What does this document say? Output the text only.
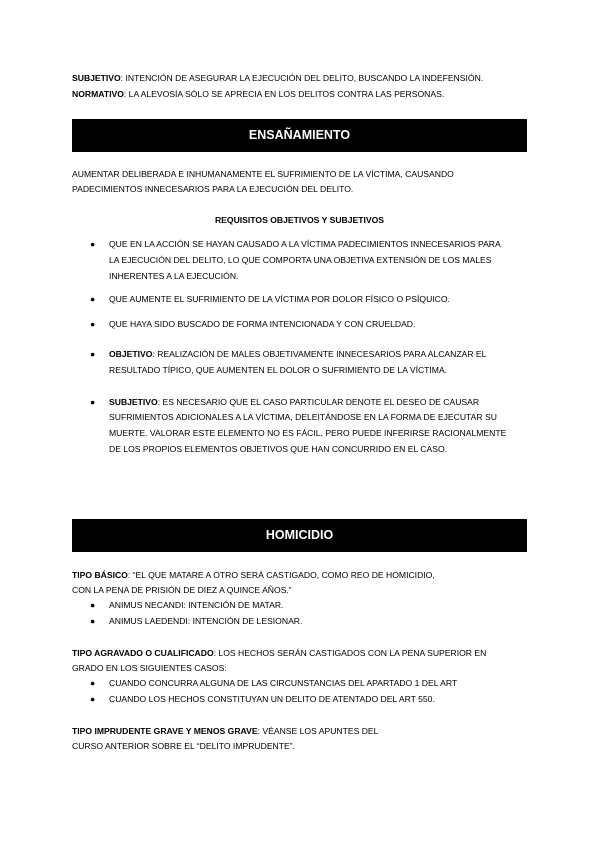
SUBJETIVO: INTENCIÓN DE ASEGURAR LA EJECUCIÓN DEL DELITO, BUSCANDO LA INDEFENSIÓN.
NORMATIVO: LA ALEVOSÍA SÓLO SE APRECIA EN LOS DELITOS CONTRA LAS PERSONAS.
ENSAÑAMIENTO
AUMENTAR DELIBERADA E INHUMANAMENTE EL SUFRIMIENTO DE LA VÍCTIMA, CAUSANDO
PADECIMIENTOS INNECESARIOS PARA LA EJECUCIÓN DEL DELITO.
REQUISITOS OBJETIVOS Y SUBJETIVOS
● QUE EN LA ACCIÓN SE HAYAN CAUSADO A LA VÍCTIMA PADECIMIENTOS INNECESARIOS PARA
LA EJECUCIÓN DEL DELITO, LO QUE COMPORTA UNA OBJETIVA EXTENSIÓN DE LOS MALES
INHERENTES A LA EJECUCIÓN.
● QUE AUMENTE EL SUFRIMIENTO DE LA VÍCTIMA POR DOLOR FÍSICO O PSÍQUICO.
● QUE HAYA SIDO BUSCADO DE FORMA INTENCIONADA Y CON CRUELDAD.
● OBJETIVO: REALIZACIÓN DE MALES OBJETIVAMENTE INNECESARIOS PARA ALCANZAR EL
RESULTADO TÍPICO, QUE AUMENTEN EL DOLOR O SUFRIMIENTO DE LA VÍCTIMA.
● SUBJETIVO: ES NECESARIO QUE EL CASO PARTICULAR DENOTE EL DESEO DE CAUSAR
SUFRIMIENTOS ADICIONALES A LA VÍCTIMA, DELEITÁNDOSE EN LA FORMA DE EJECUTAR SU
MUERTE. VALORAR ESTE ELEMENTO NO ES FÁCIL, PERO PUEDE INFERIRSE RACIONALMENTE
DE LOS PROPIOS ELEMENTOS OBJETIVOS QUE HAN CONCURRIDO EN EL CASO.
HOMICIDIO
TIPO BÁSICO: “EL QUE MATARE A OTRO SERÁ CASTIGADO, COMO REO DE HOMICIDIO,
CON LA PENA DE PRISIÓN DE DIEZ A QUINCE AÑOS.”
● ANIMUS NECANDI: INTENCIÓN DE MATAR.
● ANIMUS LAEDENDI: INTENCIÓN DE LESIONAR.
TIPO AGRAVADO O CUALIFICADO: LOS HECHOS SERÁN CASTIGADOS CON LA PENA SUPERIOR EN
GRADO EN LOS SIGUIENTES CASOS:
● CUANDO CONCURRA ALGUNA DE LAS CIRCUNSTANCIAS DEL APARTADO 1 DEL ART
● CUANDO LOS HECHOS CONSTITUYAN UN DELITO DE ATENTADO DEL ART 550.
TIPO IMPRUDENTE GRAVE Y MENOS GRAVE: VÉANSE LOS APUNTES DEL
CURSO ANTERIOR SOBRE EL “DELITO IMPRUDENTE”.
